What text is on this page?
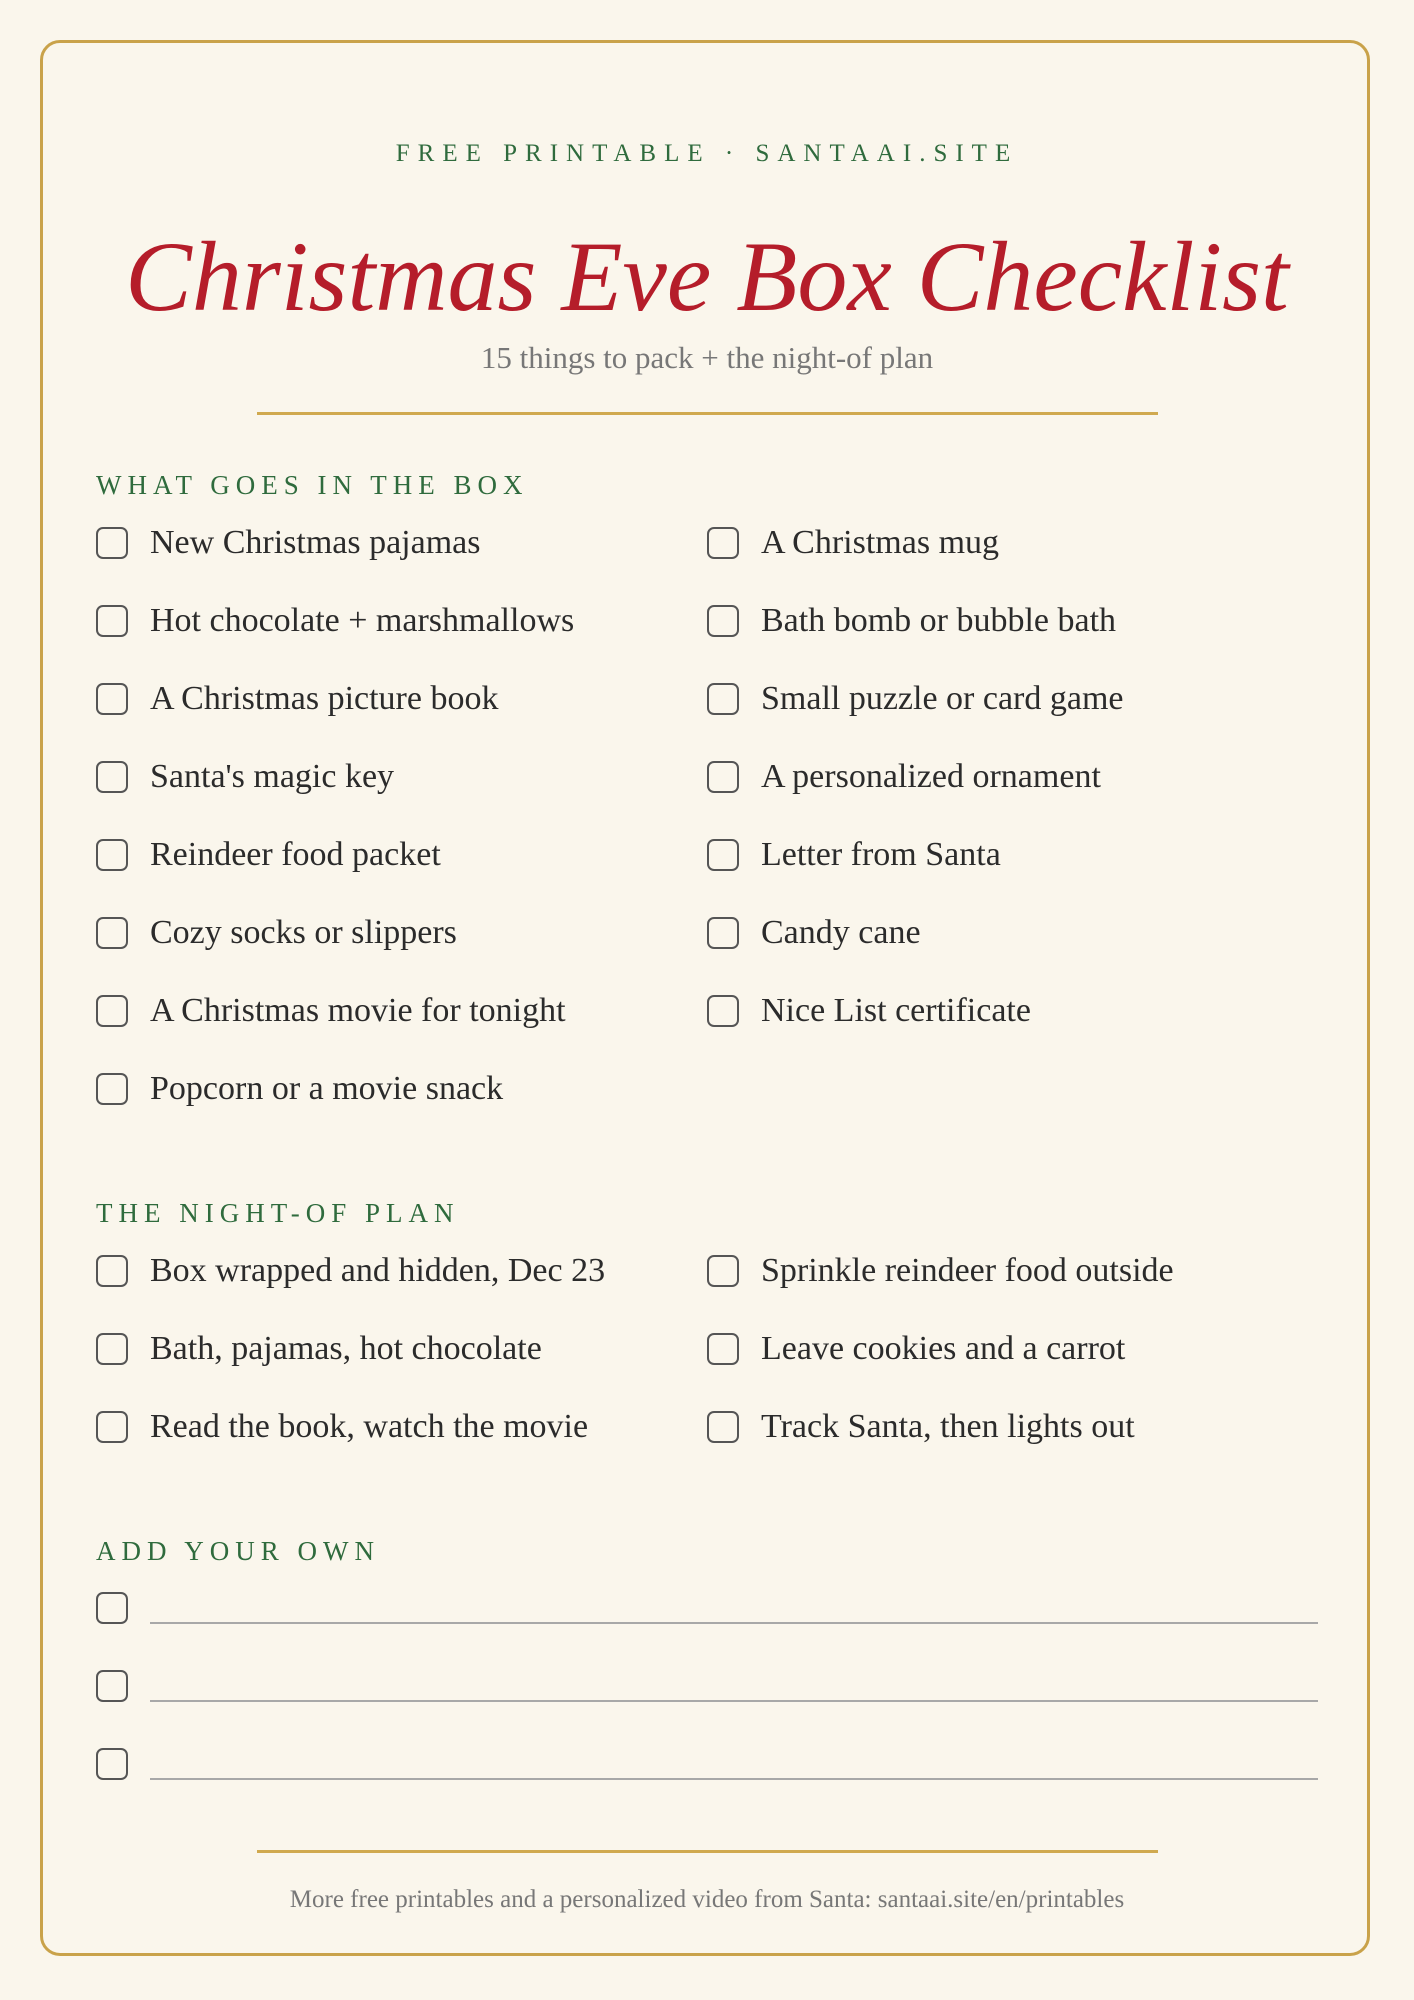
FREE PRINTABLE · SANTAAI.SITE
Christmas Eve Box Checklist
15 things to pack + the night-of plan
WHAT GOES IN THE BOX
New Christmas pajamas
Hot chocolate + marshmallows
A Christmas picture book
Santa's magic key
Reindeer food packet
Cozy socks or slippers
A Christmas movie for tonight
Popcorn or a movie snack
A Christmas mug
Bath bomb or bubble bath
Small puzzle or card game
A personalized ornament
Letter from Santa
Candy cane
Nice List certificate
THE NIGHT-OF PLAN
Box wrapped and hidden, Dec 23
Bath, pajamas, hot chocolate
Read the book, watch the movie
Sprinkle reindeer food outside
Leave cookies and a carrot
Track Santa, then lights out
ADD YOUR OWN
More free printables and a personalized video from Santa: santaai.site/en/printables
